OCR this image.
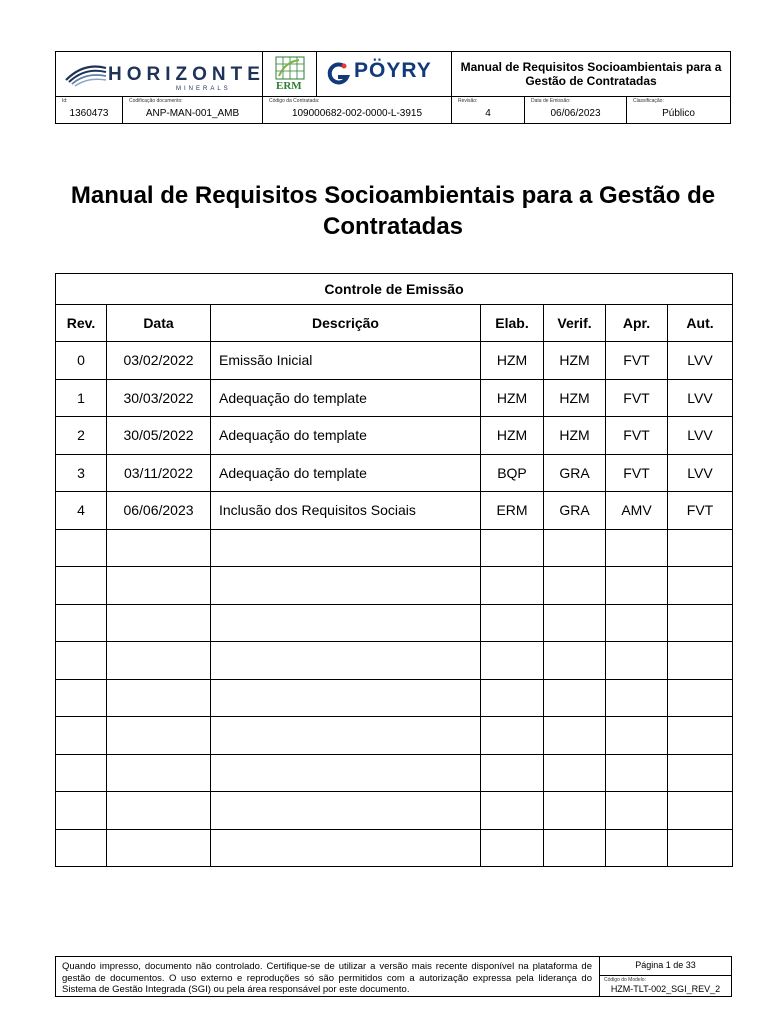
HORIZONTE
MINERALS	ERM
PÖYRY	Manual de Requisitos Socioambientais para a Gestão de Contratadas
Id:
1360473
Codificação documento:
ANP-MAN-001_AMB
Código da Contratada:
109000682-002-0000-L-3915
Revisão:
4
Data de Emissão:
06/06/2023
Classificação:
Público
Manual de Requisitos Socioambientais para a Gestão de Contratadas
Controle de Emissão						
Rev.	Data	Descrição	Elab.	Verif.	Apr.	Aut.
0	03/02/2022	Emissão Inicial	HZM	HZM	FVT	LVV
1	30/03/2022	Adequação do template	HZM	HZM	FVT	LVV
2	30/05/2022	Adequação do template	HZM	HZM	FVT	LVV
3	03/11/2022	Adequação do template	BQP	GRA	FVT	LVV
4	06/06/2023	Inclusão dos Requisitos Sociais	ERM	GRA	AMV	FVT

Quando impresso, documento não controlado. Certifique-se de utilizar a versão mais recente disponível na plataforma de gestão de documentos. O uso externo e reproduções só são permitidos com a autorização expressa pela liderança do Sistema de Gestão Integrada (SGI) ou pela área responsável por este documento.
Página 1 de 33
Código do Modelo:
HZM-TLT-002_SGI_REV_2
